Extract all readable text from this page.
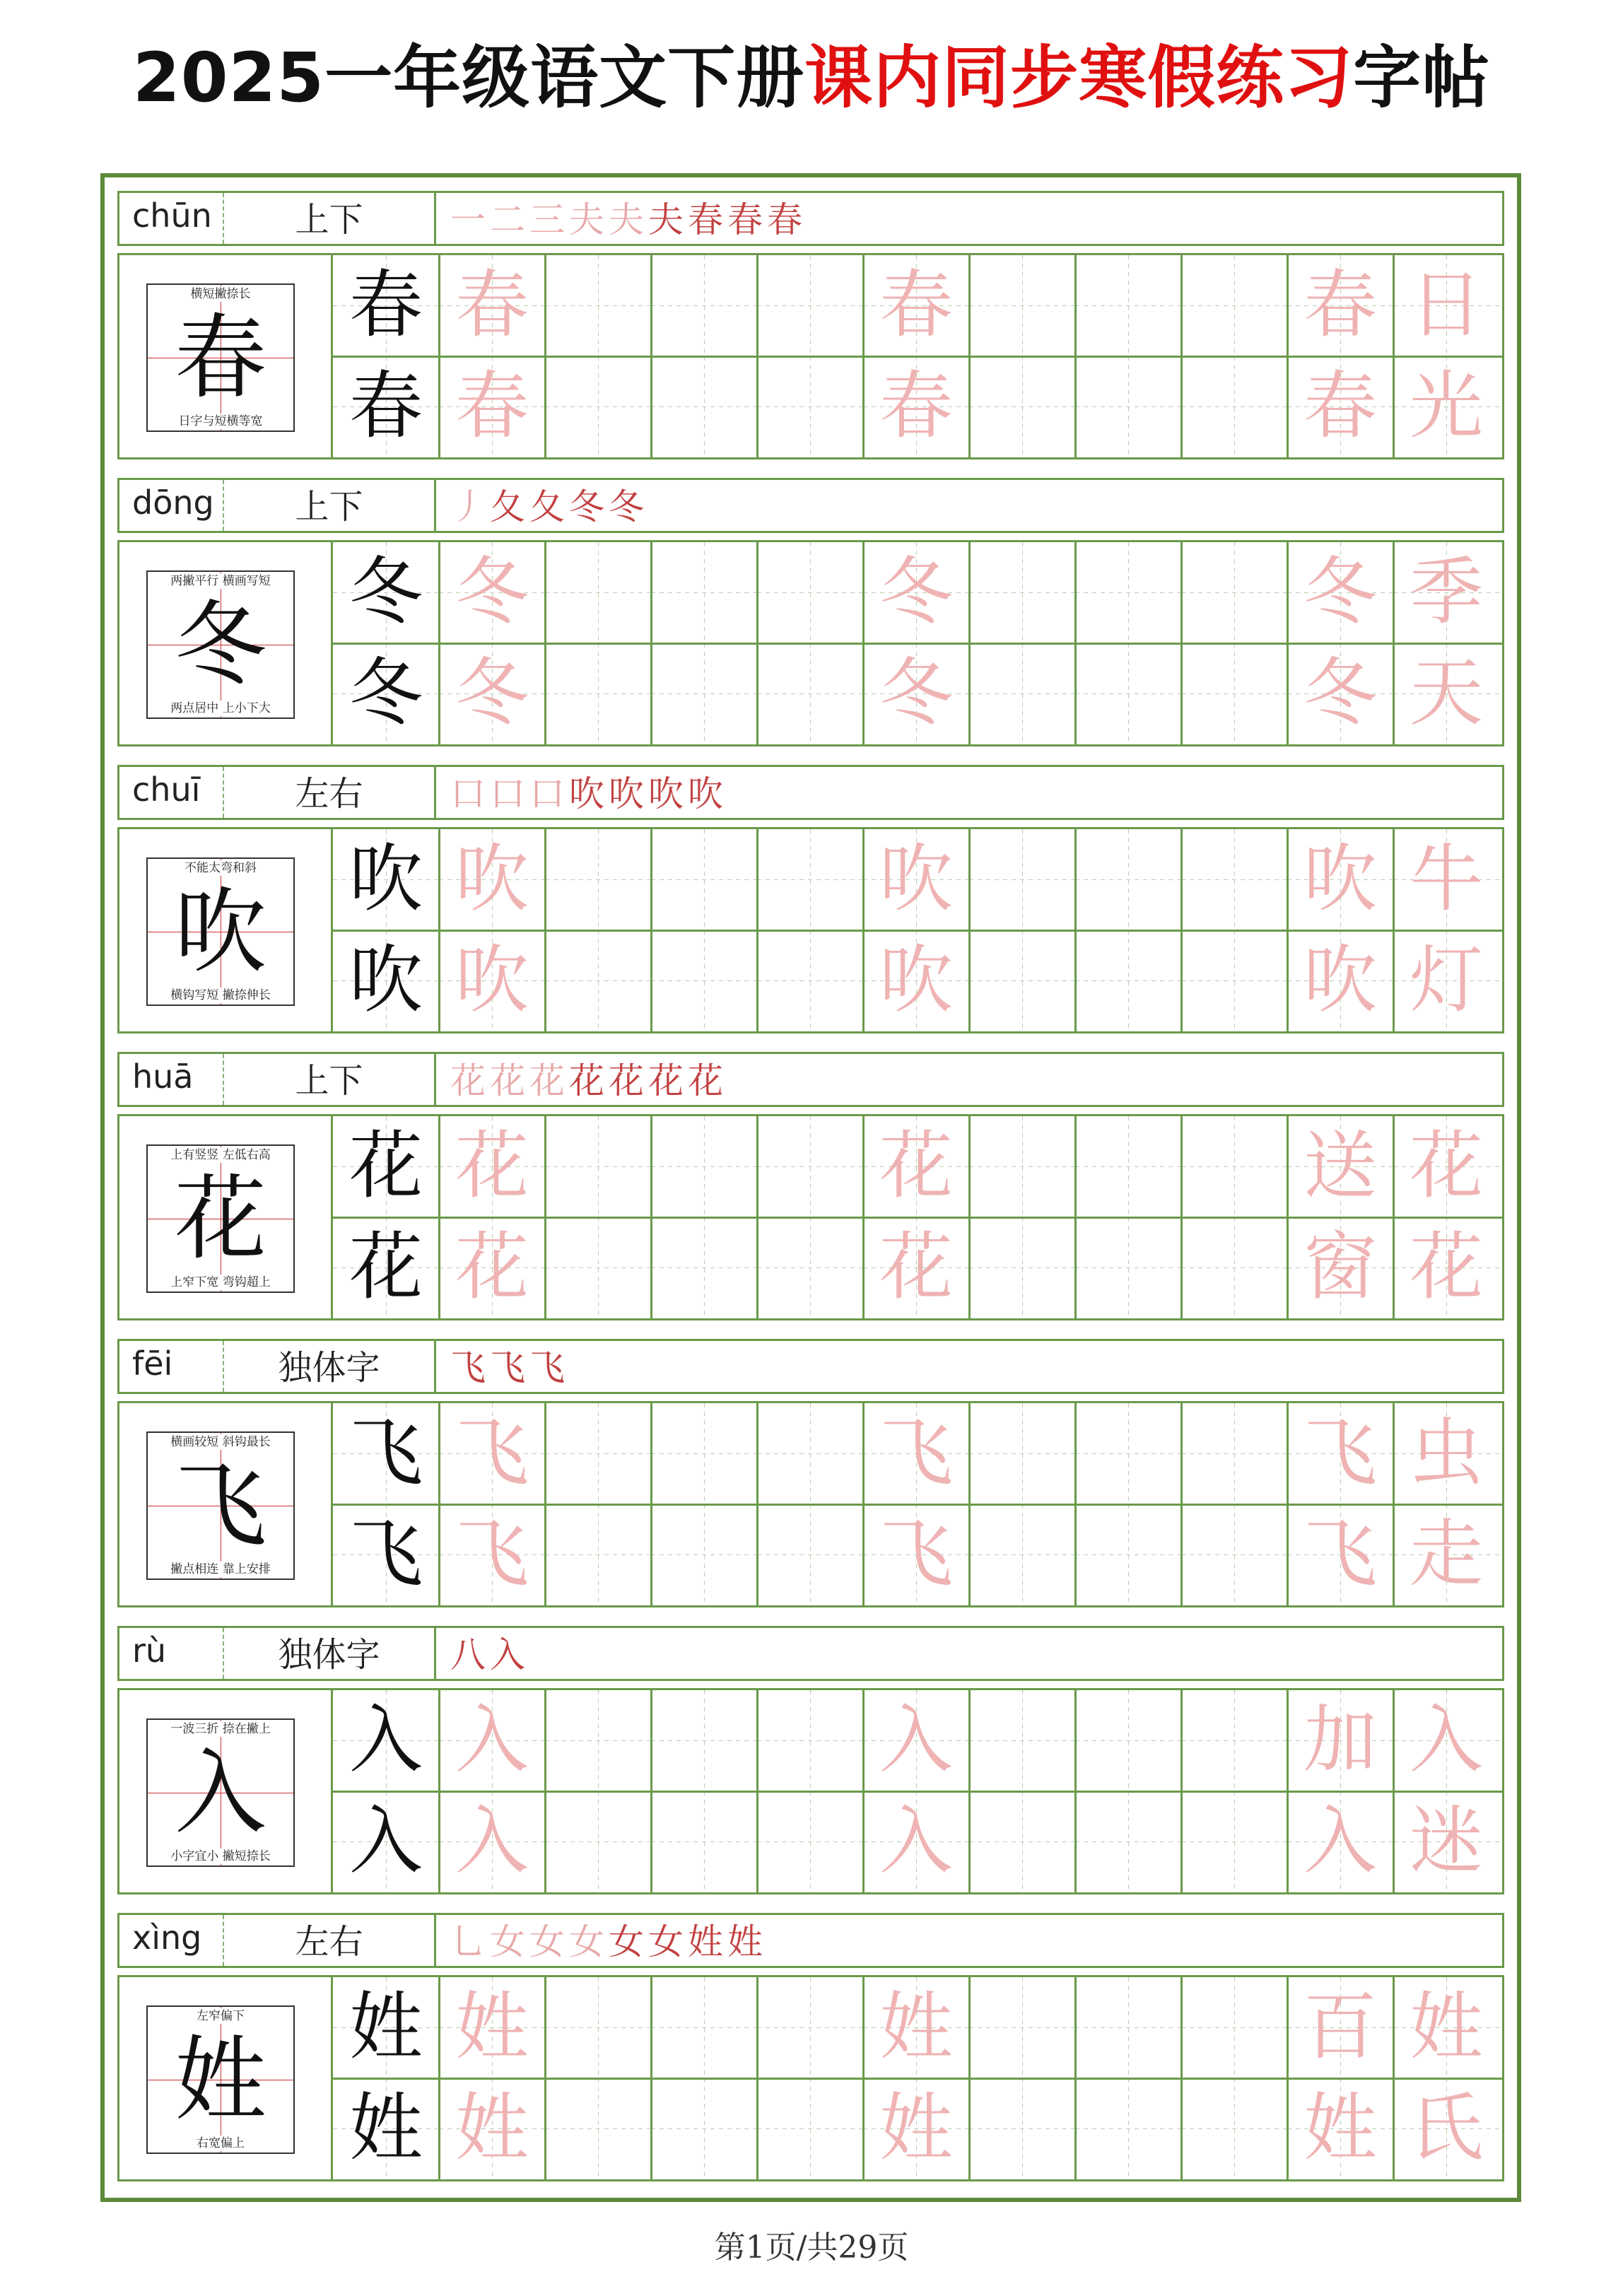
2025一年级语文下册课内同步寒假练习字帖
chūn	上下	一二三夫夫夫春春春
横短撇捺长
春
日字与短横等宽
春 春	春	春 日
春 春	春	春 光
dōng	上下	丿夂夂冬冬
两撇平行 横画写短
冬
两点居中 上小下大
冬 冬	冬	冬 季
冬 冬	冬	冬 天
chuī	左右	口口口吹吹吹吹
不能太弯和斜
吹
横钩写短 撇捺伸长
吹 吹	吹	吹 牛
吹 吹	吹	吹 灯
huā	上下	花花花花花花花
上有竖竖 左低右高
花
上窄下宽 弯钩超上
花 花	花	送 花
花 花	花	窗 花
fēi	独体字	飞飞飞
横画较短 斜钩最长
飞
撇点相连 靠上安排
飞 飞	飞	飞 虫
飞 飞	飞	飞 走
rù	独体字	八入
一波三折 捺在撇上
入
小字宜小 撇短捺长
入 入	入	加 入
入 入	入	入 迷
xìng	左右	乚女女女女女姓姓
左窄偏下
姓
右宽偏上
姓 姓	姓	百 姓
姓 姓	姓	姓 氏
第1页/共29页
